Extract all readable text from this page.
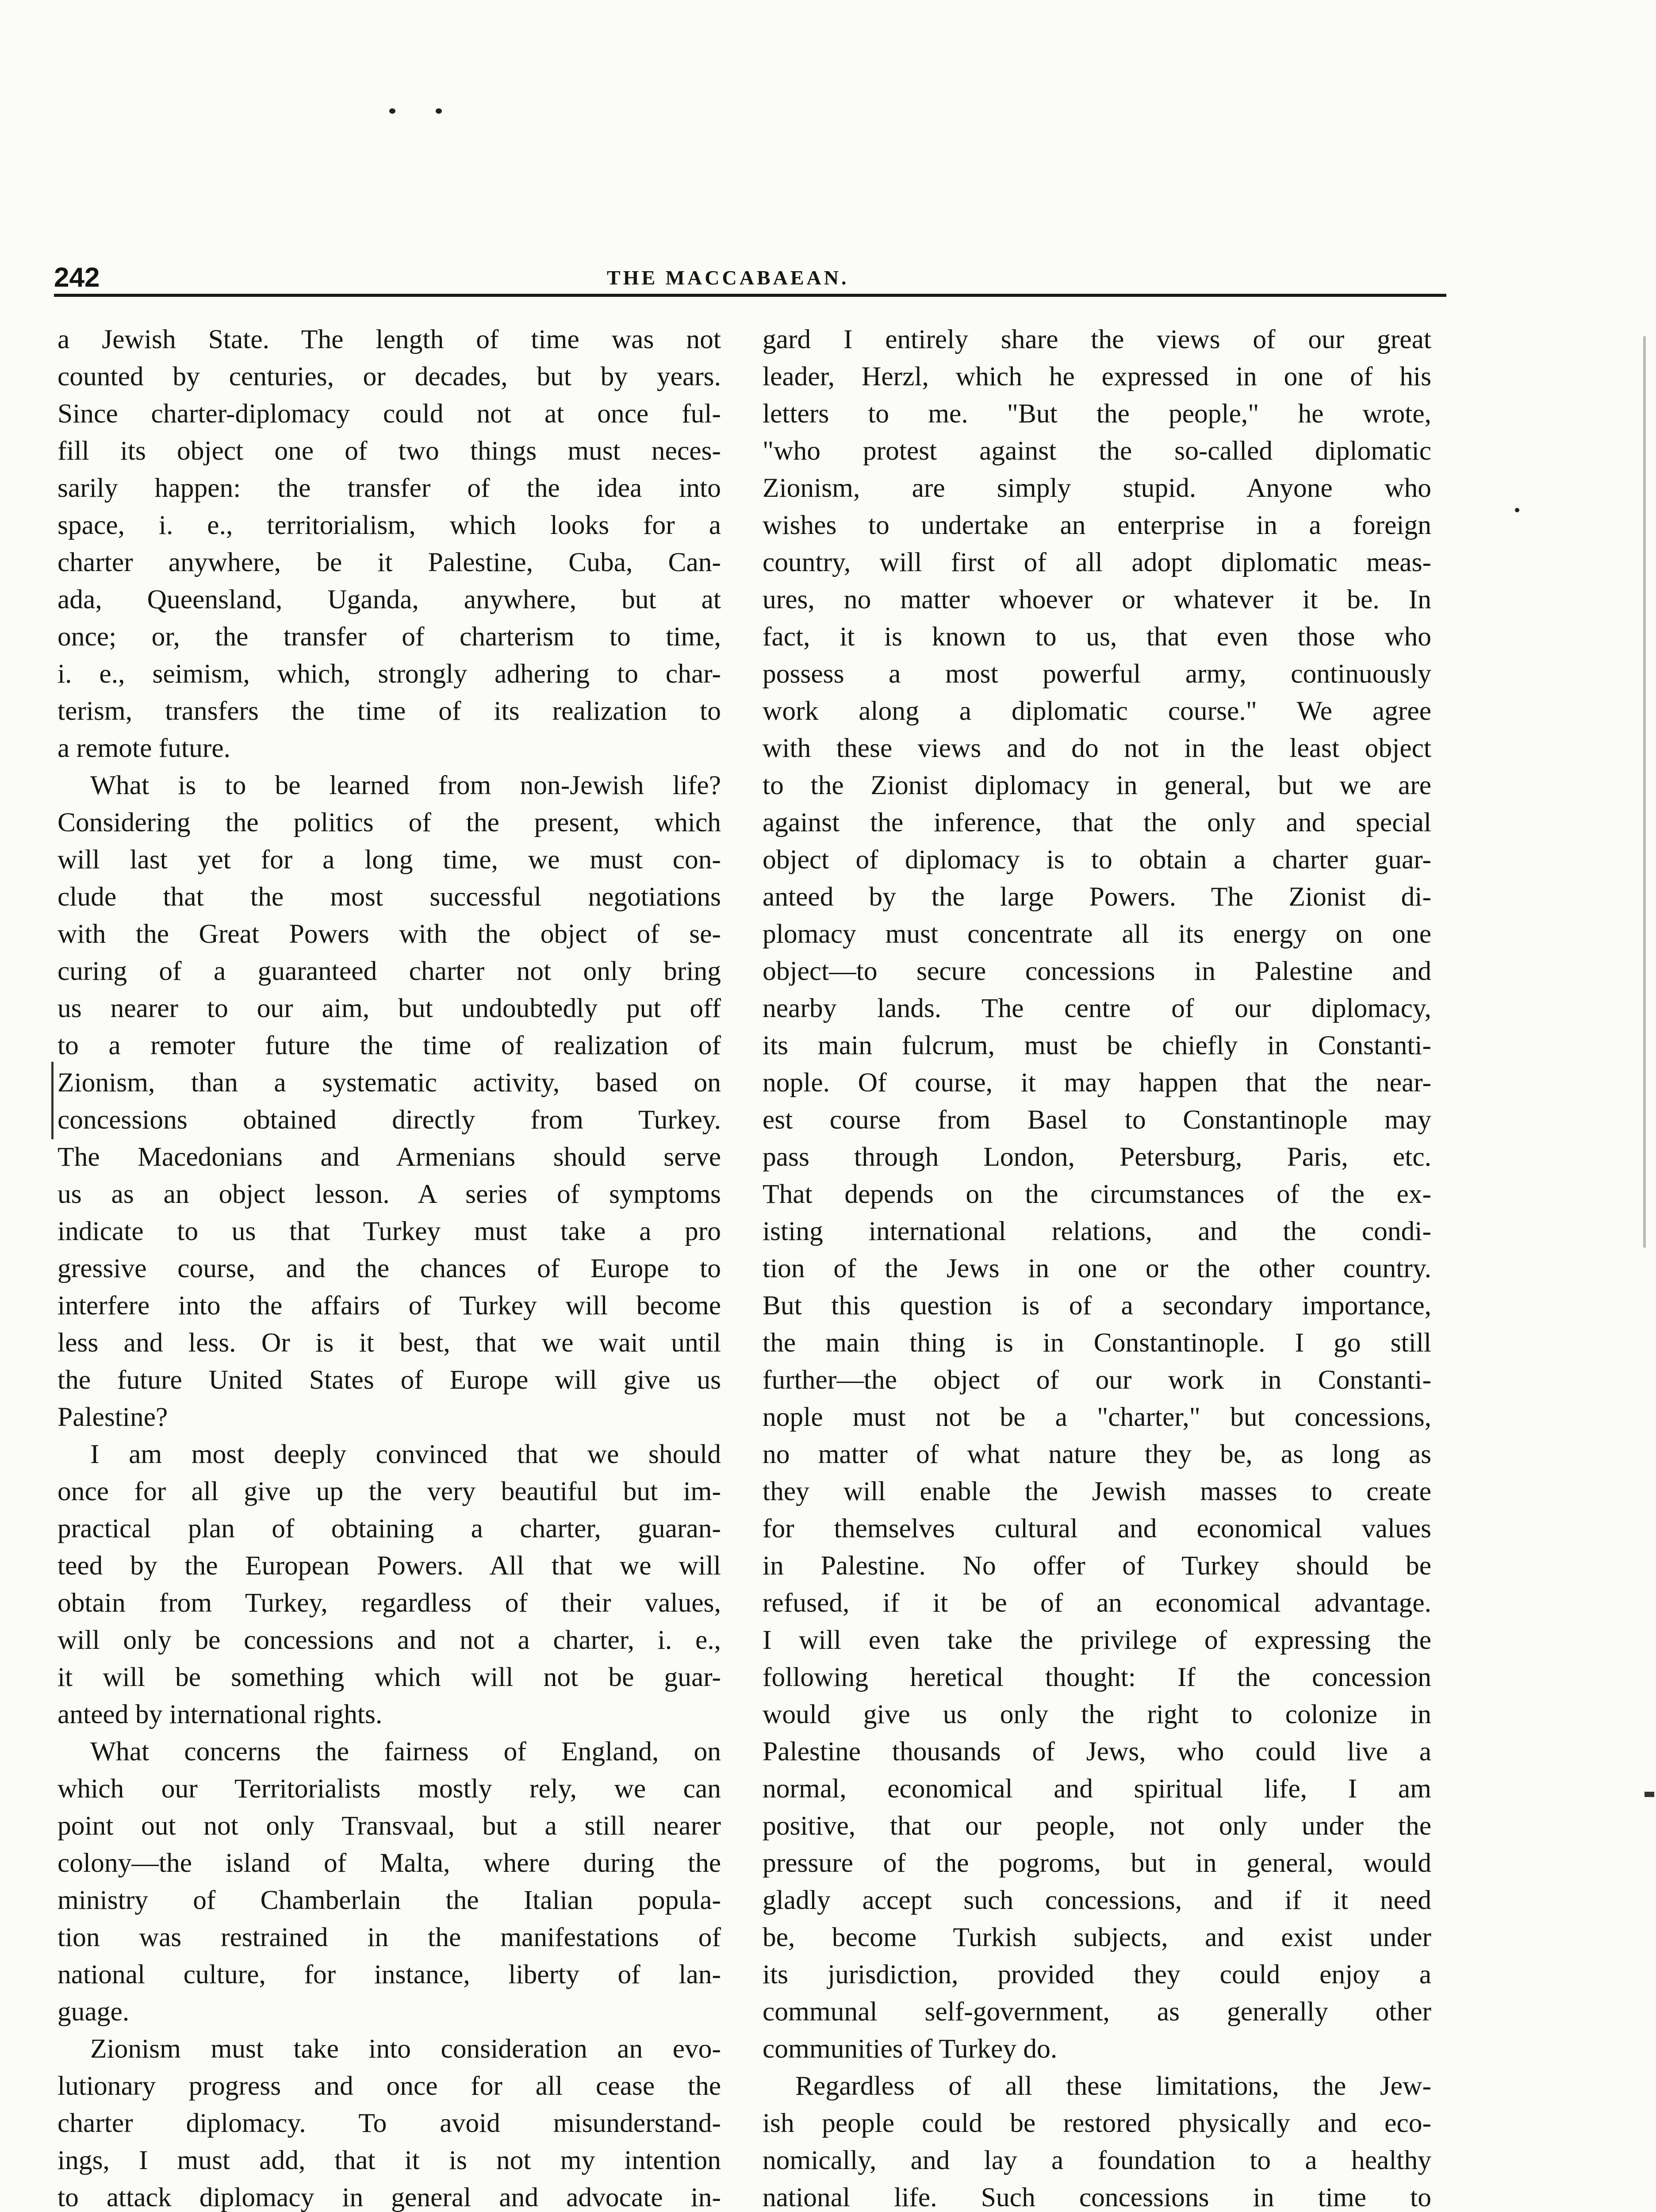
242	THE MACCABAEAN.
a Jewish State. The length of time was not
counted by centuries, or decades, but by years.
Since charter-diplomacy could not at once ful-
fill its object one of two things must neces-
sarily happen: the transfer of the idea into
space, i. e., territorialism, which looks for a
charter anywhere, be it Palestine, Cuba, Can-
ada, Queensland, Uganda, anywhere, but at
once; or, the transfer of charterism to time,
i. e., seimism, which, strongly adhering to char-
terism, transfers the time of its realization to
a remote future.
What is to be learned from non-Jewish life?
Considering the politics of the present, which
will last yet for a long time, we must con-
clude that the most successful negotiations
with the Great Powers with the object of se-
curing of a guaranteed charter not only bring
us nearer to our aim, but undoubtedly put off
to a remoter future the time of realization of
Zionism, than a systematic activity, based on
concessions obtained directly from Turkey.
The Macedonians and Armenians should serve
us as an object lesson. A series of symptoms
indicate to us that Turkey must take a pro
gressive course, and the chances of Europe to
interfere into the affairs of Turkey will become
less and less. Or is it best, that we wait until
the future United States of Europe will give us
Palestine?
I am most deeply convinced that we should
once for all give up the very beautiful but im-
practical plan of obtaining a charter, guaran-
teed by the European Powers. All that we will
obtain from Turkey, regardless of their values,
will only be concessions and not a charter, i. e.,
it will be something which will not be guar-
anteed by international rights.
What concerns the fairness of England, on
which our Territorialists mostly rely, we can
point out not only Transvaal, but a still nearer
colony—the island of Malta, where during the
ministry of Chamberlain the Italian popula-
tion was restrained in the manifestations of
national culture, for instance, liberty of lan-
guage.
Zionism must take into consideration an evo-
lutionary progress and once for all cease the
charter diplomacy. To avoid misunderstand-
ings, I must add, that it is not my intention
to attack diplomacy in general and advocate in-
gard I entirely share the views of our great
leader, Herzl, which he expressed in one of his
letters to me. "But the people," he wrote,
"who protest against the so-called diplomatic
Zionism, are simply stupid. Anyone who
wishes to undertake an enterprise in a foreign
country, will first of all adopt diplomatic meas-
ures, no matter whoever or whatever it be. In
fact, it is known to us, that even those who
possess a most powerful army, continuously
work along a diplomatic course." We agree
with these views and do not in the least object
to the Zionist diplomacy in general, but we are
against the inference, that the only and special
object of diplomacy is to obtain a charter guar-
anteed by the large Powers. The Zionist di-
plomacy must concentrate all its energy on one
object—to secure concessions in Palestine and
nearby lands. The centre of our diplomacy,
its main fulcrum, must be chiefly in Constanti-
nople. Of course, it may happen that the near-
est course from Basel to Constantinople may
pass through London, Petersburg, Paris, etc.
That depends on the circumstances of the ex-
isting international relations, and the condi-
tion of the Jews in one or the other country.
But this question is of a secondary importance,
the main thing is in Constantinople. I go still
further—the object of our work in Constanti-
nople must not be a "charter," but concessions,
no matter of what nature they be, as long as
they will enable the Jewish masses to create
for themselves cultural and economical values
in Palestine. No offer of Turkey should be
refused, if it be of an economical advantage.
I will even take the privilege of expressing the
following heretical thought: If the concession
would give us only the right to colonize in
Palestine thousands of Jews, who could live a
normal, economical and spiritual life, I am
positive, that our people, not only under the
pressure of the pogroms, but in general, would
gladly accept such concessions, and if it need
be, become Turkish subjects, and exist under
its jurisdiction, provided they could enjoy a
communal self-government, as generally other
communities of Turkey do.
Regardless of all these limitations, the Jew-
ish people could be restored physically and eco-
nomically, and lay a foundation to a healthy
national life. Such concessions in time to
